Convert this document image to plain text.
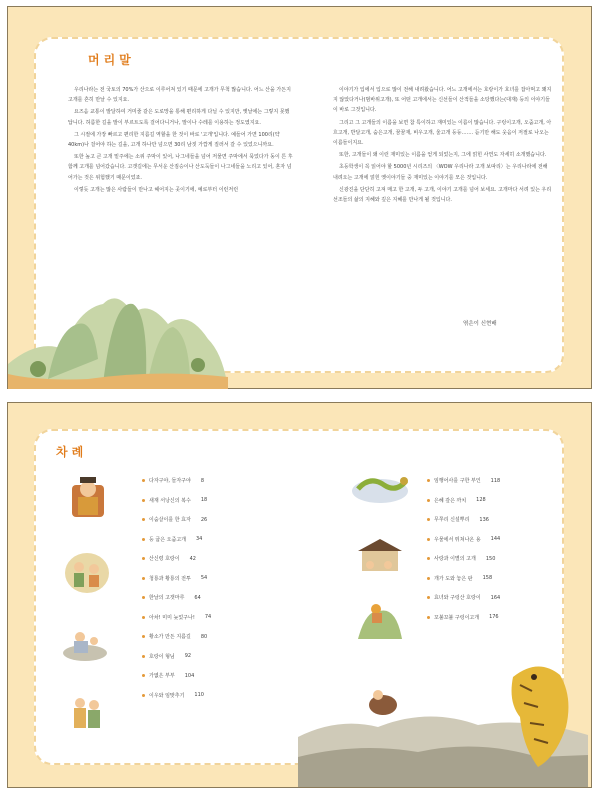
머리말

우리나라는 전 국토의 70%가 산으로 이루어져 있기 때문에 고개가 무척 많습니다. 어느 산을 가든지 고개를 흔히 만날 수 있지요.

요즈음 교통이 발달하여 거미줄 같은 도로망을 통해 편리하게 다닐 수 있지만, 옛날에는 그렇지 못했답니다. 허름한 길을 발이 부르트도록 걸어다니거나, 말이나 수레를 이용하는 정도였지요.

그 시절에 가장 빠르고 편리한 지름길 역할을 한 것이 바로 '고개'입니다. 예들어 가면 100리(약 40km)나 걸어야 하는 길을, 고개 하나만 넘으면 30리 남짓 가깝게 질러서 갈 수 있었으니까요.

또한 높고 큰 고개 밑주에는 소위 주막이 있어, 나그네들을 넘어 저물면 주막에서 묵었다가 동이 튼 후 함께 고개를 넘어갔습니다. 고갯길에는 무서운 산짐승이나 산도둑들이 나그네들을 노리고 있어, 혼자 넘어가는 것은 위험했기 때문이었죠.

이렇듯 고개는 많은 사람들이 만나고 헤어지는 곳이기에, 예로부터 이런저런

이야기가 입에서 입으로 많이 전해 내려왔습니다. 어느 고개에서는 호랑이가 호녀를 잡아먹고 꽤지지 않았다거나(범바위고개), 또 어떤 고개에서는 신선들이 산적들을 소탕했다는(대재) 등의 이야기들이 바로 그것입니다.

그리고 그 고개들의 이름을 보면 참 특이하고 재미있는 이름이 많습니다. 구렁이고개, 오줌고개, 아흐고개, 반달고개, 숨은고개, 꿈꿈재, 비우고개, 울고개 등등……. 듣기만 해도 웃음이 저절로 나오는 이름들이지요.

또한, 고개들이 왜 이런 재미있는 이름을 얻게 되었는지, 그에 얽힌 사연도 자세히 소개했습니다.

초등학생이 꼭 읽어야 할 5000년 시리즈의 〈WOW 우리나라 고개 보따리〉는 우리나라에 전해 내려오는 고개에 얽힌 옛이야기들 중 재미있는 이야기를 모은 것입니다.

신광진을 단단히 고져 매고 한 고개, 두 고개, 이야기 고개를 넘어 보세요. 고개마다 서려 있는 우리 선조들의 삶의 지혜와 깊은 지혜를 만나게 될 것입니다.

엮은이 신현배
차례
다자구야, 들자구야 8
새재 서낭신의 복수 18
이숨살이를 한 효자 26
등 굽은 오줌고개 34
산신령 호랑이 42
청룡과 황룡의 전투 54
한날의 고갯마루 64
아차! 미미 늦었구나! 74
황소가 만든 지름길 80
호랑이 형님 92
가엾은 부부 104
이우와 임맞추기 110
임행어사를 구한 부인 118
은혜 갚은 까치 128
무쭈리 신설뿌리 136
우물에서 뛰쳐나온 용 144
사랑과 이별의 고개 150
개가 도와 놓은 판 158
효녀와 구렁산 호랑이 164
꼬불꼬불 구렁이고개 176
